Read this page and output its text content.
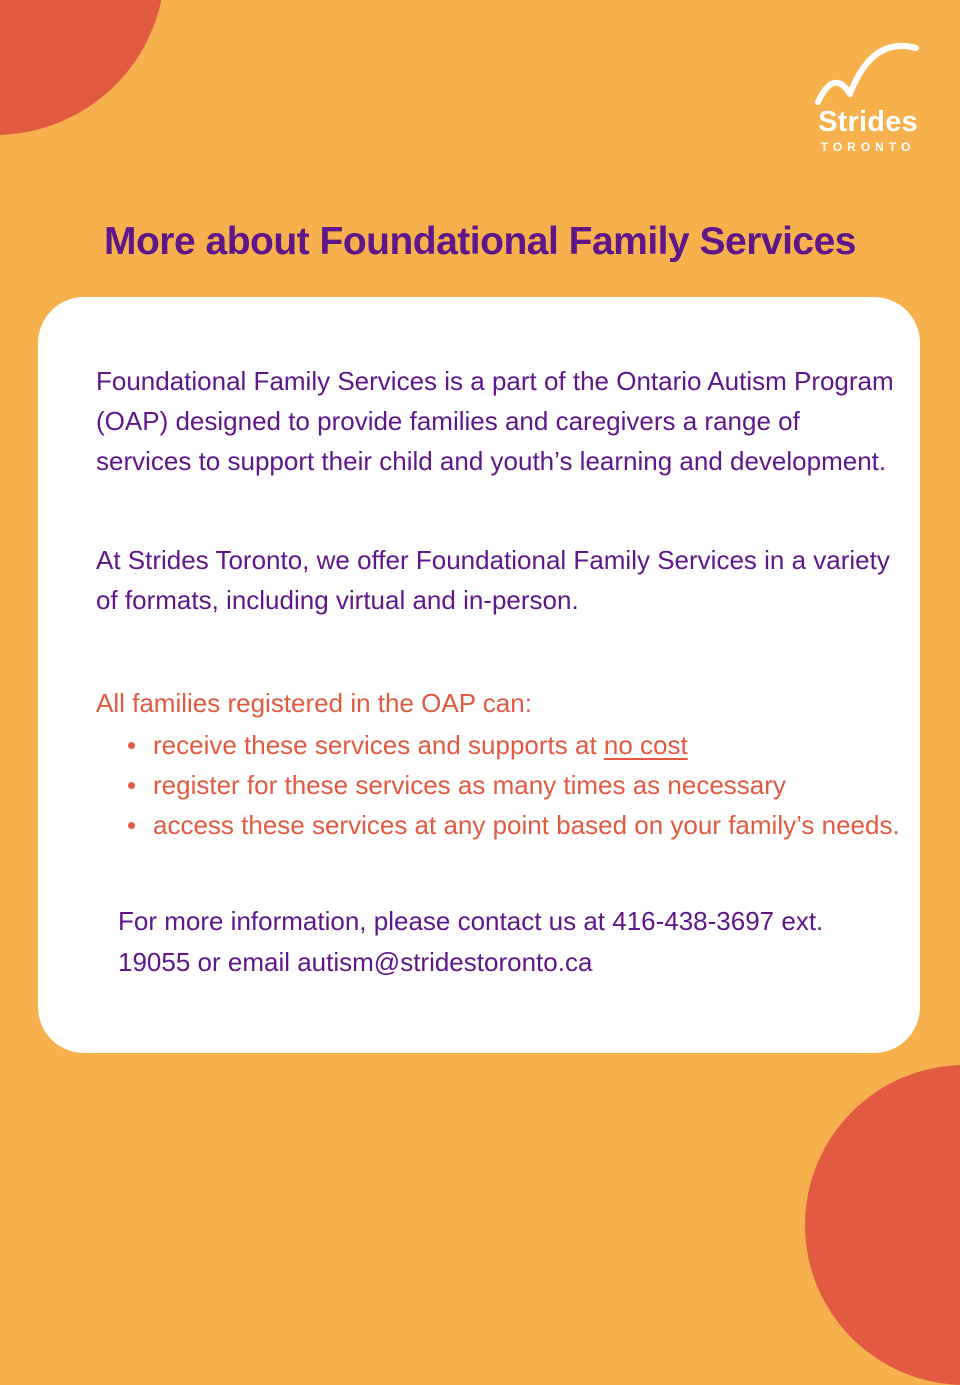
Strides
TORONTO
More about Foundational Family Services

Foundational Family Services is a part of the Ontario Autism Program (OAP) designed to provide families and caregivers a range of services to support their child and youth’s learning and development.

At Strides Toronto, we offer Foundational Family Services in a variety of formats, including virtual and in-person.

All families registered in the OAP can:

receive these services and supports at no cost
register for these services as many times as necessary
access these services at any point based on your family’s needs.

For more information, please contact us at 416-438-3697 ext. 19055 or email autism@stridestoronto.ca
